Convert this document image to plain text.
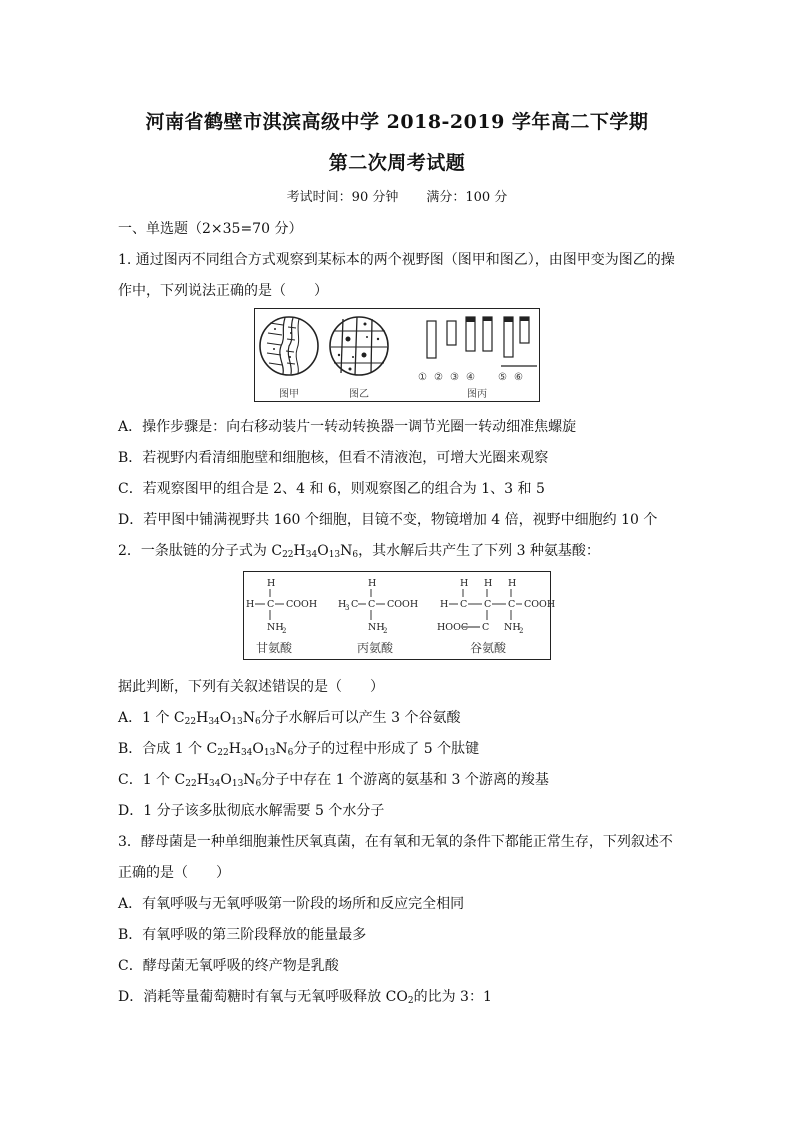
河南省鹤壁市淇滨高级中学 2018-2019 学年高二下学期
第二次周考试题
考试时间：90 分钟 满分：100 分
一、单选题（2×35=70 分）
1. 通过图丙不同组合方式观察到某标本的两个视野图（图甲和图乙），由图甲变为图乙的操
作中，下列说法正确的是（　　）
① ② ③ ④ ⑤ ⑥
图甲	图乙	图丙
A．操作步骤是：向右移动装片一转动转换器一调节光圈一转动细准焦螺旋
B．若视野内看清细胞壁和细胞核，但看不清液泡，可增大光圈来观察
C．若观察图甲的组合是 2、4 和 6，则观察图乙的组合为 1、3 和 5
D．若甲图中铺满视野共 160 个细胞，目镜不变，物镜增加 4 倍，视野中细胞约 10 个
2．一条肽链的分子式为 $C_{22}H_{34}O_{13}N_6$，其水解后共产生了下列 3 种氨基酸：
H
H C COOH
NH
2
甘氨酸
H
H
3 C C COOH
NH
2
丙氨酸
H H H
H C C C COOH
HOOC C NH
2
谷氨酸
据此判断，下列有关叙述错误的是（　　）
A．1 个 $C_{22}H_{34}O_{13}N_6$分子水解后可以产生 3 个谷氨酸
B．合成 1 个 $C_{22}H_{34}O_{13}N_6$分子的过程中形成了 5 个肽键
C．1 个 $C_{22}H_{34}O_{13}N_6$分子中存在 1 个游离的氨基和 3 个游离的羧基
D．1 分子该多肽彻底水解需要 5 个水分子
3．酵母菌是一种单细胞兼性厌氧真菌，在有氧和无氧的条件下都能正常生存，下列叙述不
正确的是（　　）
A．有氧呼吸与无氧呼吸第一阶段的场所和反应完全相同
B．有氧呼吸的第三阶段释放的能量最多
C．酵母菌无氧呼吸的终产物是乳酸
D．消耗等量葡萄糖时有氧与无氧呼吸释放 $CO_2$的比为 3：1
